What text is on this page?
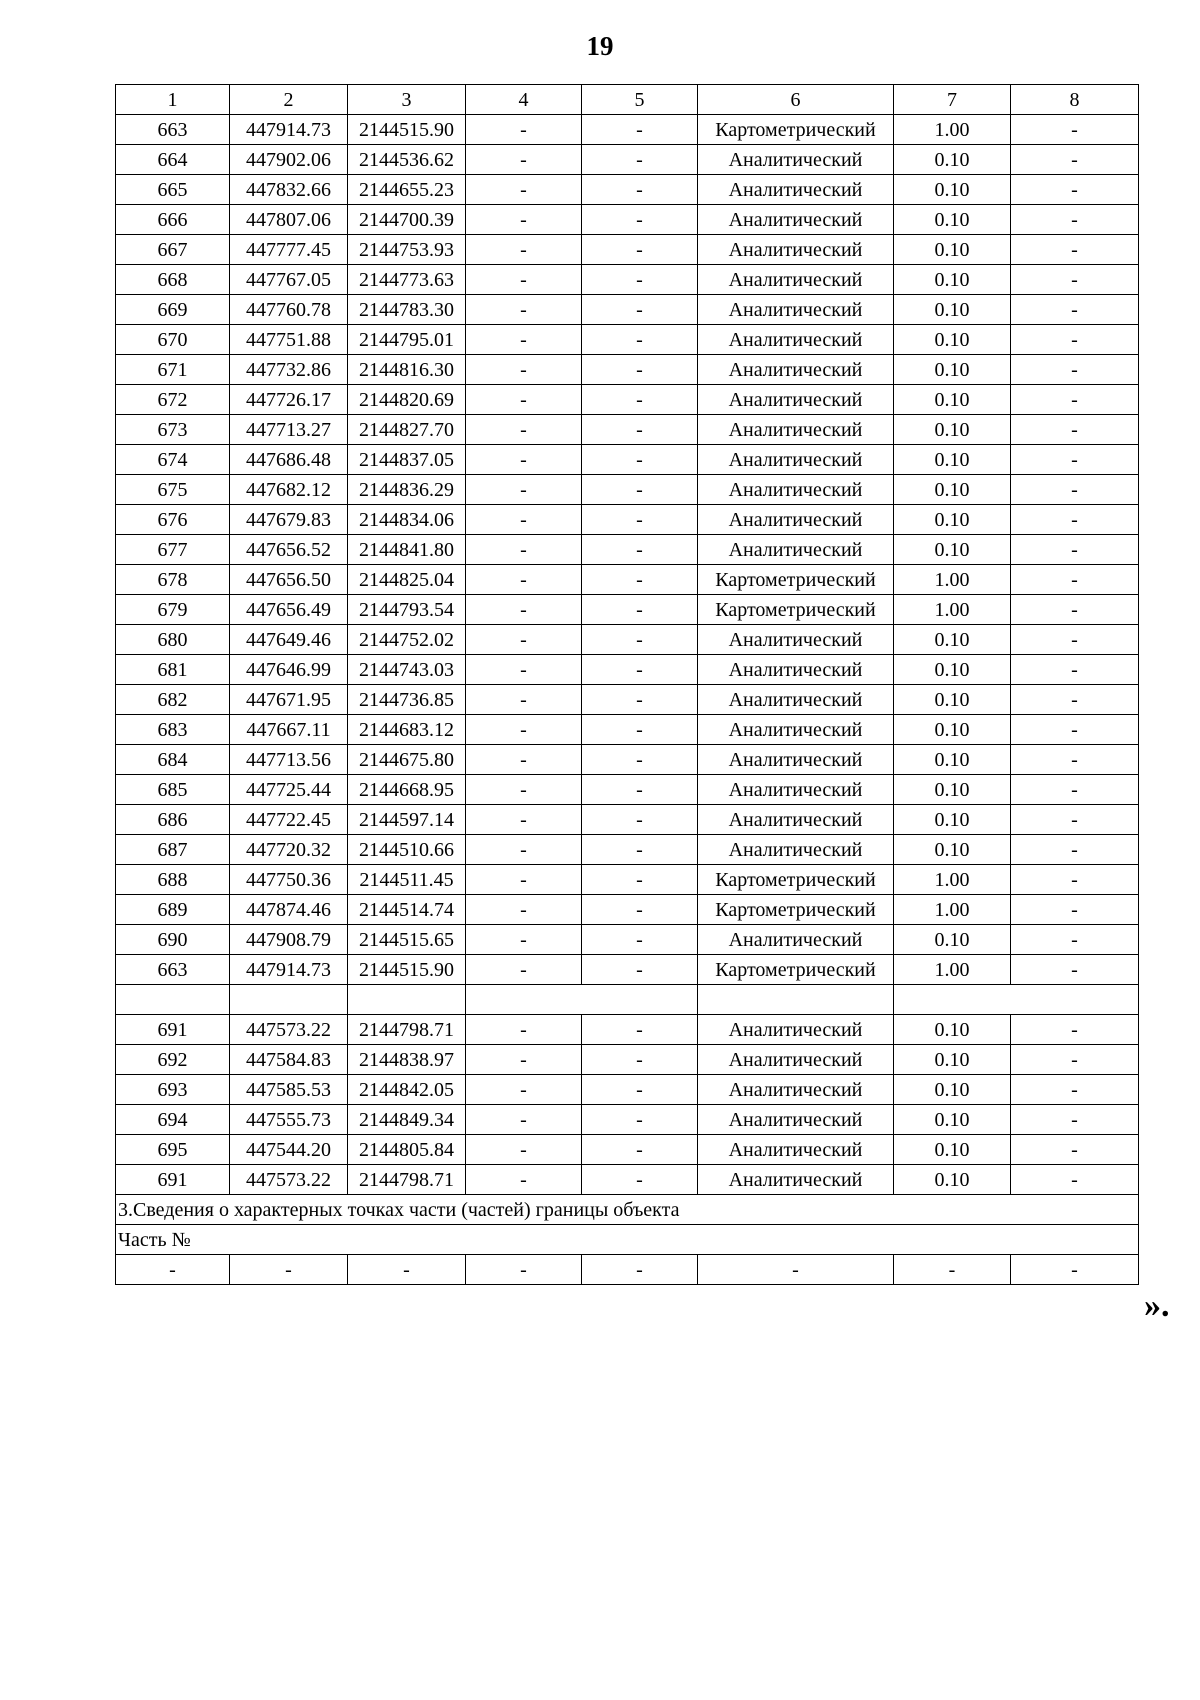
19
1	2	3	4	5	6	7	8
663	447914.73	2144515.90	-	-	Картометрический	1.00	-
664	447902.06	2144536.62	-	-	Аналитический	0.10	-
665	447832.66	2144655.23	-	-	Аналитический	0.10	-
666	447807.06	2144700.39	-	-	Аналитический	0.10	-
667	447777.45	2144753.93	-	-	Аналитический	0.10	-
668	447767.05	2144773.63	-	-	Аналитический	0.10	-
669	447760.78	2144783.30	-	-	Аналитический	0.10	-
670	447751.88	2144795.01	-	-	Аналитический	0.10	-
671	447732.86	2144816.30	-	-	Аналитический	0.10	-
672	447726.17	2144820.69	-	-	Аналитический	0.10	-
673	447713.27	2144827.70	-	-	Аналитический	0.10	-
674	447686.48	2144837.05	-	-	Аналитический	0.10	-
675	447682.12	2144836.29	-	-	Аналитический	0.10	-
676	447679.83	2144834.06	-	-	Аналитический	0.10	-
677	447656.52	2144841.80	-	-	Аналитический	0.10	-
678	447656.50	2144825.04	-	-	Картометрический	1.00	-
679	447656.49	2144793.54	-	-	Картометрический	1.00	-
680	447649.46	2144752.02	-	-	Аналитический	0.10	-
681	447646.99	2144743.03	-	-	Аналитический	0.10	-
682	447671.95	2144736.85	-	-	Аналитический	0.10	-
683	447667.11	2144683.12	-	-	Аналитический	0.10	-
684	447713.56	2144675.80	-	-	Аналитический	0.10	-
685	447725.44	2144668.95	-	-	Аналитический	0.10	-
686	447722.45	2144597.14	-	-	Аналитический	0.10	-
687	447720.32	2144510.66	-	-	Аналитический	0.10	-
688	447750.36	2144511.45	-	-	Картометрический	1.00	-
689	447874.46	2144514.74	-	-	Картометрический	1.00	-
690	447908.79	2144515.65	-	-	Аналитический	0.10	-
663	447914.73	2144515.90	-	-	Картометрический	1.00	-

691	447573.22	2144798.71	-	-	Аналитический	0.10	-
692	447584.83	2144838.97	-	-	Аналитический	0.10	-
693	447585.53	2144842.05	-	-	Аналитический	0.10	-
694	447555.73	2144849.34	-	-	Аналитический	0.10	-
695	447544.20	2144805.84	-	-	Аналитический	0.10	-
691	447573.22	2144798.71	-	-	Аналитический	0.10	-
3.Сведения о характерных точках части (частей) границы объекта							
Часть №							
-	-	-	-	-	-	-	-
».
